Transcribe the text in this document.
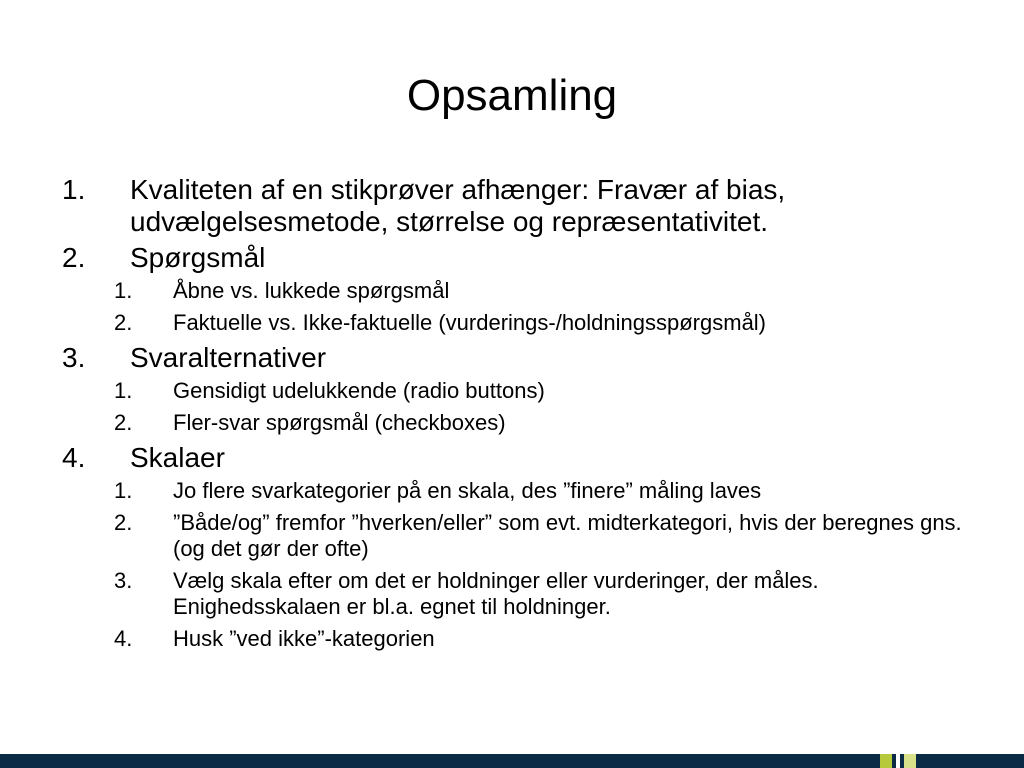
Opsamling
1. Kvaliteten af en stikprøver afhænger: Fravær af bias, udvælgelsesmetode, størrelse og repræsentativitet.
2. Spørgsmål
1. Åbne vs. lukkede spørgsmål
2. Faktuelle vs. Ikke-faktuelle (vurderings-/holdningsspørgsmål)
3. Svaralternativer
1. Gensidigt udelukkende (radio buttons)
2. Fler-svar spørgsmål (checkboxes)
4. Skalaer
1. Jo flere svarkategorier på en skala, des ”finere” måling laves
2. ”Både/og” fremfor ”hverken/eller” som evt. midterkategori, hvis der beregnes gns. (og det gør der ofte)
3. Vælg skala efter om det er holdninger eller vurderinger, der måles. Enighedsskalaen er bl.a. egnet til holdninger.
4. Husk ”ved ikke”-kategorien
